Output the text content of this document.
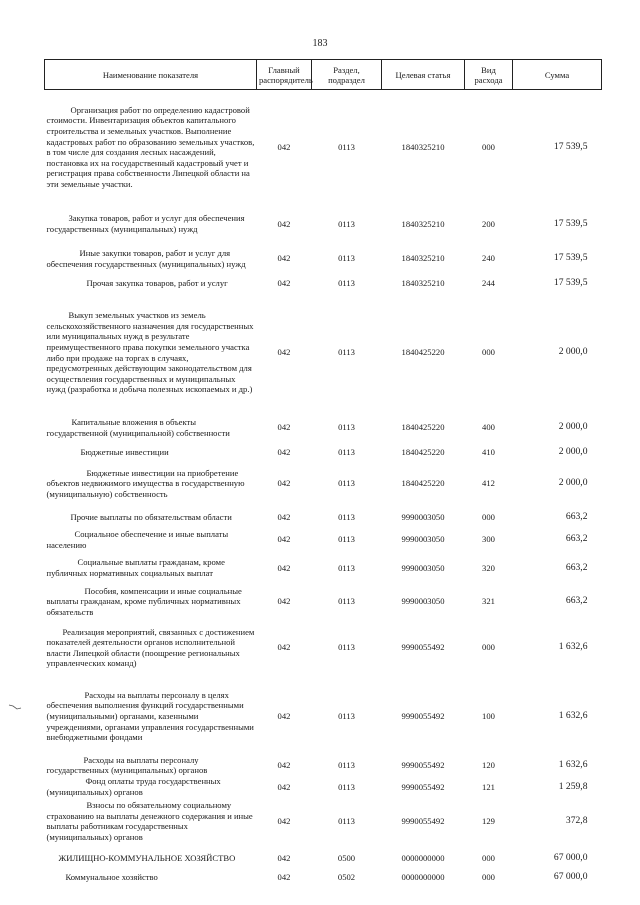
183
Наименование показателя	Главный распорядитель	Раздел, подраздел	Целевая статья	Вид расхода	Сумма
Организация работ по определению кадастровой стоимости. Инвентаризация объектов капитального строительства и земельных участков. Выполнение кадастровых работ по образованию земельных участков, в том числе для создания лесных насаждений, постановка их на государственный кадастровый учет и регистрация права собственности Липецкой области на эти земельные участки.	042	0113	1840325210	000	17 539,5
Закупка товаров, работ и услуг для обеспечения государственных (муниципальных) нужд	042	0113	1840325210	200	17 539,5
Иные закупки товаров, работ и услуг для обеспечения государственных (муниципальных) нужд	042	0113	1840325210	240	17 539,5
Прочая закупка товаров, работ и услуг	042	0113	1840325210	244	17 539,5
Выкуп земельных участков из земель сельскохозяйственного назначения для государственных или муниципальных нужд в результате преимущественного права покупки земельного участка либо при продаже на торгах в случаях, предусмотренных действующим законодательством для осуществления государственных и муниципальных нужд (разработка и добыча полезных ископаемых и др.)	042	0113	1840425220	000	2 000,0
Капитальные вложения в объекты государственной (муниципальной) собственности	042	0113	1840425220	400	2 000,0
Бюджетные инвестиции	042	0113	1840425220	410	2 000,0
Бюджетные инвестиции на приобретение объектов недвижимого имущества в государственную (муниципальную) собственность	042	0113	1840425220	412	2 000,0
Прочие выплаты по обязательствам области	042	0113	9990003050	000	663,2
Социальное обеспечение и иные выплаты населению	042	0113	9990003050	300	663,2
Социальные выплаты гражданам, кроме публичных нормативных социальных выплат	042	0113	9990003050	320	663,2
Пособия, компенсации и иные социальные выплаты гражданам, кроме публичных нормативных обязательств	042	0113	9990003050	321	663,2
Реализация мероприятий, связанных с достижением показателей деятельности органов исполнительной власти Липецкой области (поощрение региональных управленческих команд)	042	0113	9990055492	000	1 632,6
Расходы на выплаты персоналу в целях обеспечения выполнения функций государственными (муниципальными) органами, казенными учреждениями, органами управления государственными внебюджетными фондами	042	0113	9990055492	100	1 632,6
Расходы на выплаты персоналу государственных (муниципальных) органов	042	0113	9990055492	120	1 632,6
Фонд оплаты труда государственных (муниципальных) органов	042	0113	9990055492	121	1 259,8
Взносы по обязательному социальному страхованию на выплаты денежного содержания и иные выплаты работникам государственных (муниципальных) органов	042	0113	9990055492	129	372,8
ЖИЛИЩНО-КОММУНАЛЬНОЕ ХОЗЯЙСТВО	042	0500	0000000000	000	67 000,0
Коммунальное хозяйство	042	0502	0000000000	000	67 000,0
